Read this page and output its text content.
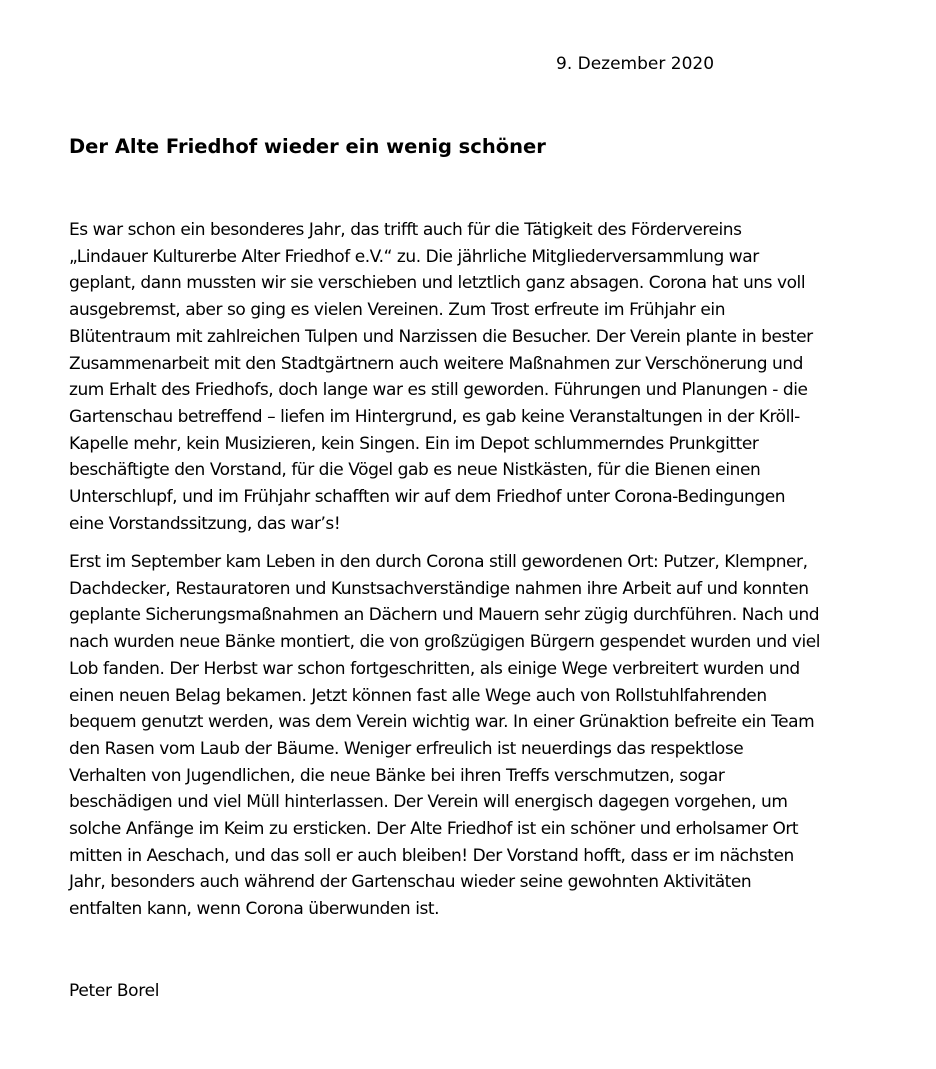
9. Dezember 2020
Der Alte Friedhof wieder ein wenig schöner
Es war schon ein besonderes Jahr, das trifft auch für die Tätigkeit des Fördervereins
„Lindauer Kulturerbe Alter Friedhof e.V.“ zu. Die jährliche Mitgliederversammlung war
geplant, dann mussten wir sie verschieben und letztlich ganz absagen. Corona hat uns voll
ausgebremst, aber so ging es vielen Vereinen. Zum Trost erfreute im Frühjahr ein
Blütentraum mit zahlreichen Tulpen und Narzissen die Besucher. Der Verein plante in bester
Zusammenarbeit mit den Stadtgärtnern auch weitere Maßnahmen zur Verschönerung und
zum Erhalt des Friedhofs, doch lange war es still geworden. Führungen und Planungen - die
Gartenschau betreffend – liefen im Hintergrund, es gab keine Veranstaltungen in der Kröll-
Kapelle mehr, kein Musizieren, kein Singen. Ein im Depot schlummerndes Prunkgitter
beschäftigte den Vorstand, für die Vögel gab es neue Nistkästen, für die Bienen einen
Unterschlupf, und im Frühjahr schafften wir auf dem Friedhof unter Corona-Bedingungen
eine Vorstandssitzung, das war’s!
Erst im September kam Leben in den durch Corona still gewordenen Ort: Putzer, Klempner,
Dachdecker, Restauratoren und Kunstsachverständige nahmen ihre Arbeit auf und konnten
geplante Sicherungsmaßnahmen an Dächern und Mauern sehr zügig durchführen. Nach und
nach wurden neue Bänke montiert, die von großzügigen Bürgern gespendet wurden und viel
Lob fanden. Der Herbst war schon fortgeschritten, als einige Wege verbreitert wurden und
einen neuen Belag bekamen. Jetzt können fast alle Wege auch von Rollstuhlfahrenden
bequem genutzt werden, was dem Verein wichtig war. In einer Grünaktion befreite ein Team
den Rasen vom Laub der Bäume. Weniger erfreulich ist neuerdings das respektlose
Verhalten von Jugendlichen, die neue Bänke bei ihren Treffs verschmutzen, sogar
beschädigen und viel Müll hinterlassen. Der Verein will energisch dagegen vorgehen, um
solche Anfänge im Keim zu ersticken. Der Alte Friedhof ist ein schöner und erholsamer Ort
mitten in Aeschach, und das soll er auch bleiben! Der Vorstand hofft, dass er im nächsten
Jahr, besonders auch während der Gartenschau wieder seine gewohnten Aktivitäten
entfalten kann, wenn Corona überwunden ist.
Peter Borel
